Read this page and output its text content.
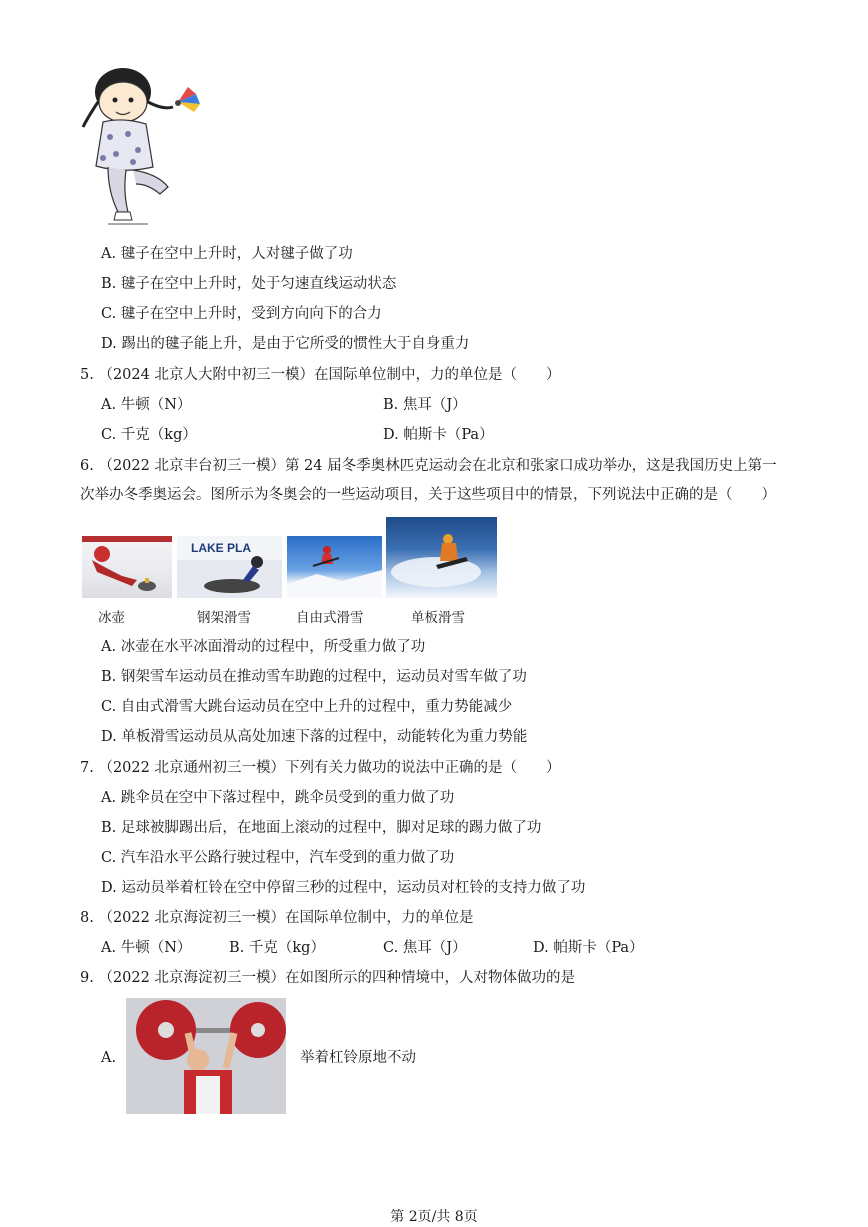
A. 毽子在空中上升时，人对毽子做了功
B. 毽子在空中上升时，处于匀速直线运动状态
C. 毽子在空中上升时，受到方向向下的合力
D. 踢出的毽子能上升，是由于它所受的惯性大于自身重力
5. （2024 北京人大附中初三一模）在国际单位制中，力的单位是（　　）
A. 牛顿（N）	B. 焦耳（J）
C. 千克（kg）	D. 帕斯卡（Pa）
6. （2022 北京丰台初三一模）第 24 届冬季奥林匹克运动会在北京和张家口成功举办，这是我国历史上第一
次举办冬季奥运会。图所示为冬奥会的一些运动项目，关于这些项目中的情景，下列说法中正确的是（　　）
LAKE PLA
冰壶	钢架滑雪	自由式滑雪	单板滑雪
A. 冰壶在水平冰面滑动的过程中，所受重力做了功
B. 钢架雪车运动员在推动雪车助跑的过程中，运动员对雪车做了功
C. 自由式滑雪大跳台运动员在空中上升的过程中，重力势能减少
D. 单板滑雪运动员从高处加速下落的过程中，动能转化为重力势能
7. （2022 北京通州初三一模）下列有关力做功的说法中正确的是（　　）
A. 跳伞员在空中下落过程中，跳伞员受到的重力做了功
B. 足球被脚踢出后，在地面上滚动的过程中，脚对足球的踢力做了功
C. 汽车沿水平公路行驶过程中，汽车受到的重力做了功
D. 运动员举着杠铃在空中停留三秒的过程中，运动员对杠铃的支持力做了功
8. （2022 北京海淀初三一模）在国际单位制中，力的单位是
A. 牛顿（N）	B. 千克（kg）	C. 焦耳（J）	D. 帕斯卡（Pa）
9. （2022 北京海淀初三一模）在如图所示的四种情境中，人对物体做功的是
A.	举着杠铃原地不动
第 2页/共 8页
